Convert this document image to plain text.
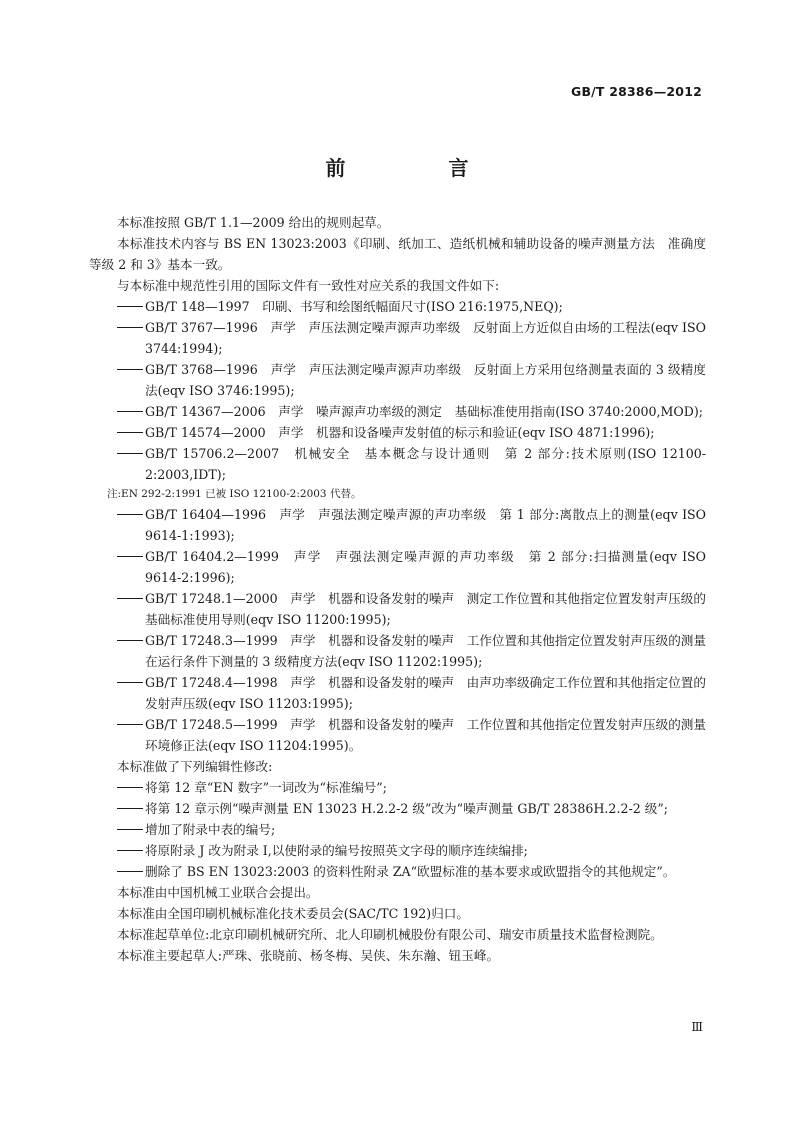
GB/T 28386—2012
前 言

本标准按照 GB/T 1.1—2009 给出的规则起草。

本标准技术内容与 BS EN 13023:2003《印刷、纸加工、造纸机械和辅助设备的噪声测量方法　准确度等级 2 和 3》基本一致。

与本标准中规范性引用的国际文件有一致性对应关系的我国文件如下:

GB/T 148—1997　印刷、书写和绘图纸幅面尺寸(ISO 216:1975,NEQ);

GB/T 3767—1996　声学　声压法测定噪声源声功率级　反射面上方近似自由场的工程法(eqv ISO 3744:1994);

GB/T 3768—1996　声学　声压法测定噪声源声功率级　反射面上方采用包络测量表面的 3 级精度法(eqv ISO 3746:1995);

GB/T 14367—2006　声学　噪声源声功率级的测定　基础标准使用指南(ISO 3740:2000,MOD);

GB/T 14574—2000　声学　机器和设备噪声发射值的标示和验证(eqv ISO 4871:1996);

GB/T 15706.2—2007　机械安全　基本概念与设计通则　第 2 部分:技术原则(ISO 12100-2:2003,IDT);

注:EN 292-2:1991 已被 ISO 12100-2:2003 代替。

GB/T 16404—1996　声学　声强法测定噪声源的声功率级　第 1 部分:离散点上的测量(eqv ISO 9614-1:1993);

GB/T 16404.2—1999　声学　声强法测定噪声源的声功率级　第 2 部分:扫描测量(eqv ISO 9614-2:1996);

GB/T 17248.1—2000　声学　机器和设备发射的噪声　测定工作位置和其他指定位置发射声压级的基础标准使用导则(eqv ISO 11200:1995);

GB/T 17248.3—1999　声学　机器和设备发射的噪声　工作位置和其他指定位置发射声压级的测量　在运行条件下测量的 3 级精度方法(eqv ISO 11202:1995);

GB/T 17248.4—1998　声学　机器和设备发射的噪声　由声功率级确定工作位置和其他指定位置的发射声压级(eqv ISO 11203:1995);

GB/T 17248.5—1999　声学　机器和设备发射的噪声　工作位置和其他指定位置发射声压级的测量　环境修正法(eqv ISO 11204:1995)。

本标准做了下列编辑性修改:

将第 12 章“EN 数字”一词改为“标准编号”;

将第 12 章示例“噪声测量 EN 13023 H.2.2-2 级”改为“噪声测量 GB/T 28386H.2.2-2 级”;

增加了附录中表的编号;

将原附录 J 改为附录 I,以使附录的编号按照英文字母的顺序连续编排;

删除了 BS EN 13023:2003 的资料性附录 ZA“欧盟标准的基本要求或欧盟指令的其他规定”。

本标准由中国机械工业联合会提出。

本标准由全国印刷机械标准化技术委员会(SAC/TC 192)归口。

本标准起草单位:北京印刷机械研究所、北人印刷机械股份有限公司、瑞安市质量技术监督检测院。

本标准主要起草人:严珠、张晓前、杨冬梅、吴侠、朱东瀚、钮玉峰。

Ⅲ
